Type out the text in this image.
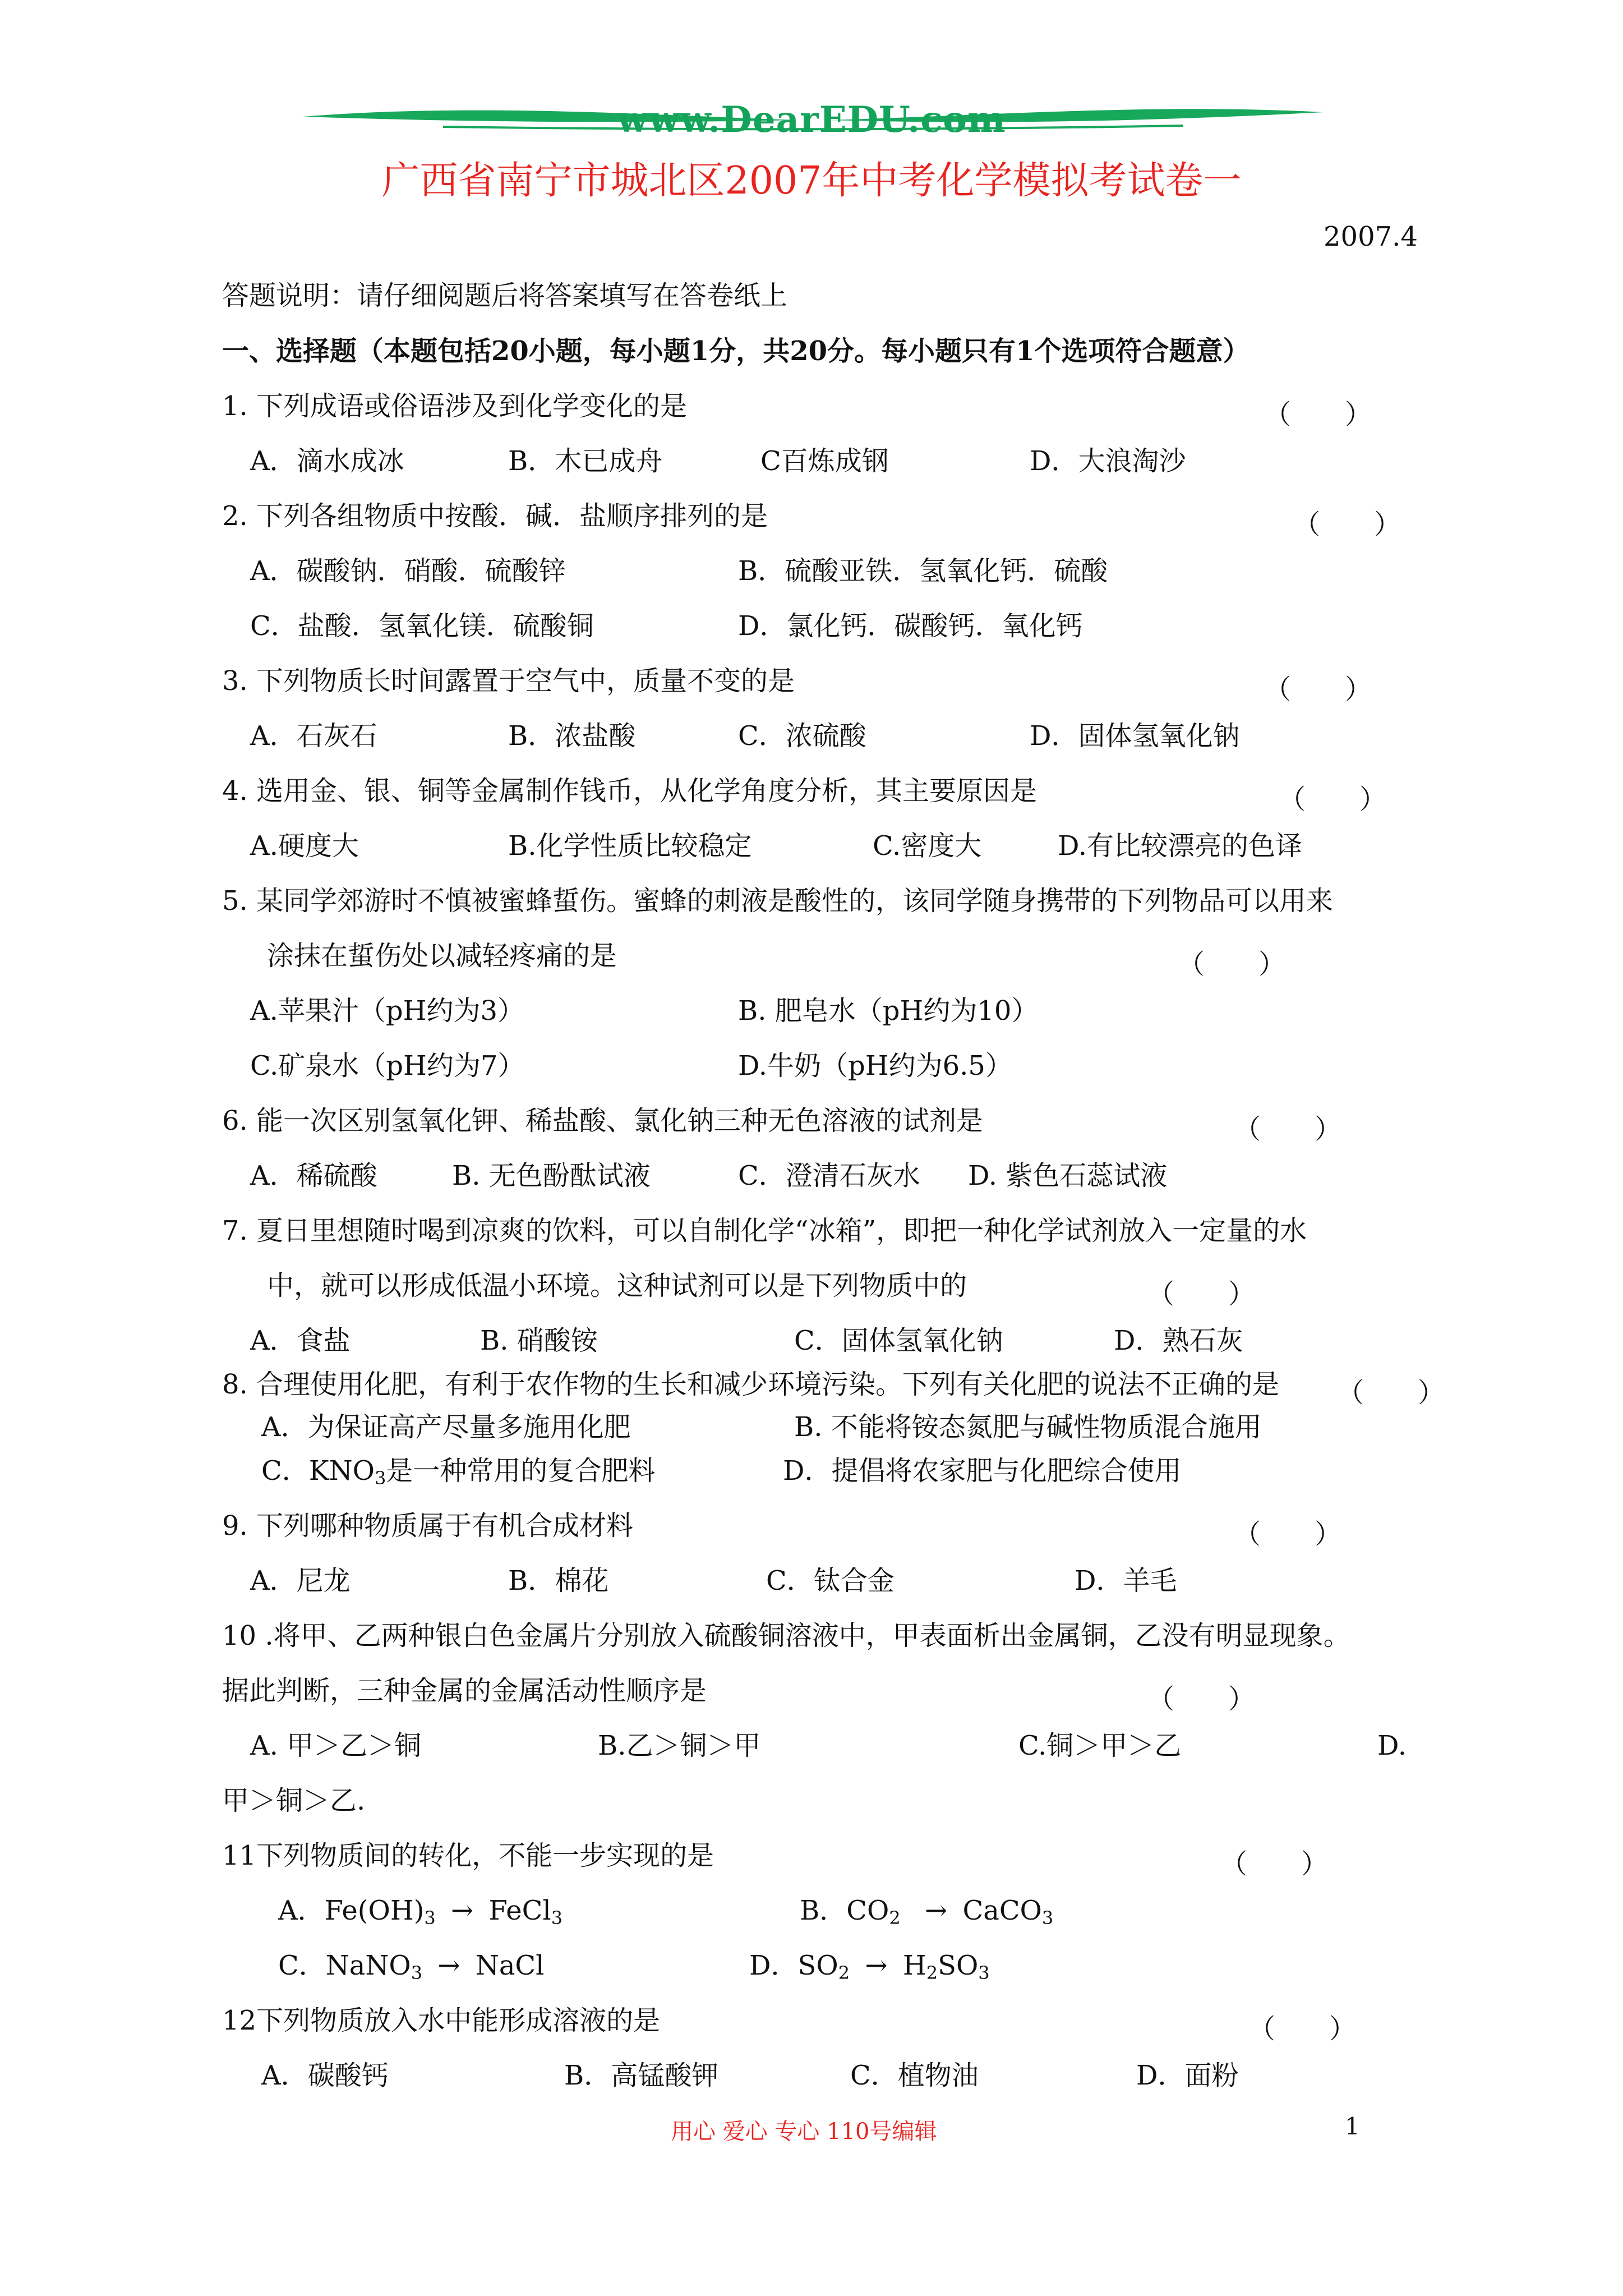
www.DearEDU.com
广西省南宁市城北区2007年中考化学模拟考试卷一
2007.4
答题说明：请仔细阅题后将答案填写在答卷纸上
一、选择题（本题包括20小题，每小题1分，共20分。每小题只有1个选项符合题意）
1. 下列成语或俗语涉及到化学变化的是	（　　）
A．滴水成冰	B．木已成舟	C百炼成钢	D．大浪淘沙
2. 下列各组物质中按酸．碱．盐顺序排列的是	（　　）
A．碳酸钠．硝酸．硫酸锌	B．硫酸亚铁．氢氧化钙．硫酸
C．盐酸．氢氧化镁．硫酸铜	D．氯化钙．碳酸钙．氧化钙
3. 下列物质长时间露置于空气中，质量不变的是	（　　）
A．石灰石	B．浓盐酸	C．浓硫酸	D．固体氢氧化钠
4. 选用金、银、铜等金属制作钱币，从化学角度分析，其主要原因是	（　　）
A.硬度大	B.化学性质比较稳定	C.密度大	D.有比较漂亮的色译
5. 某同学郊游时不慎被蜜蜂蜇伤。蜜蜂的刺液是酸性的，该同学随身携带的下列物品可以用来
涂抹在蜇伤处以减轻疼痛的是	（　　）
A.苹果汁（pH约为3）	B. 肥皂水（pH约为10）
C.矿泉水（pH约为7）	D.牛奶（pH约为6.5）
6. 能一次区别氢氧化钾、稀盐酸、氯化钠三种无色溶液的试剂是	（　　）
A．稀硫酸	B. 无色酚酞试液	C．澄清石灰水 D. 紫色石蕊试液
7. 夏日里想随时喝到凉爽的饮料，可以自制化学“冰箱”，即把一种化学试剂放入一定量的水
中，就可以形成低温小环境。这种试剂可以是下列物质中的	（　　）
A．食盐	B. 硝酸铵	C．固体氢氧化钠	D．熟石灰
8. 合理使用化肥，有利于农作物的生长和减少环境污染。下列有关化肥的说法不正确的是 （　　）
A．为保证高产尽量多施用化肥	B. 不能将铵态氮肥与碱性物质混合施用
C．$KNO_3$是一种常用的复合肥料	D．提倡将农家肥与化肥综合使用
9. 下列哪种物质属于有机合成材料	（　　）
A．尼龙	B．棉花	C．钛合金	D．羊毛
10 .将甲、乙两种银白色金属片分别放入硫酸铜溶液中，甲表面析出金属铜，乙没有明显现象。
据此判断，三种金属的金属活动性顺序是	（　　）
A. 甲＞乙＞铜	B.乙＞铜＞甲	C.铜＞甲＞乙	D.
甲＞铜＞乙.
11下列物质间的转化，不能一步实现的是	（　　）
A．$Fe(OH)_3$ → FeCl$_3$	B．$CO_2$ → CaCO$_3$
C．NaNO$_3$ → NaCl	D．$SO_2 \to H_2SO_3$
12下列物质放入水中能形成溶液的是	（　　）
A．碳酸钙	B．高锰酸钾	C．植物油	D．面粉
用心 爱心 专心 110号编辑	1
